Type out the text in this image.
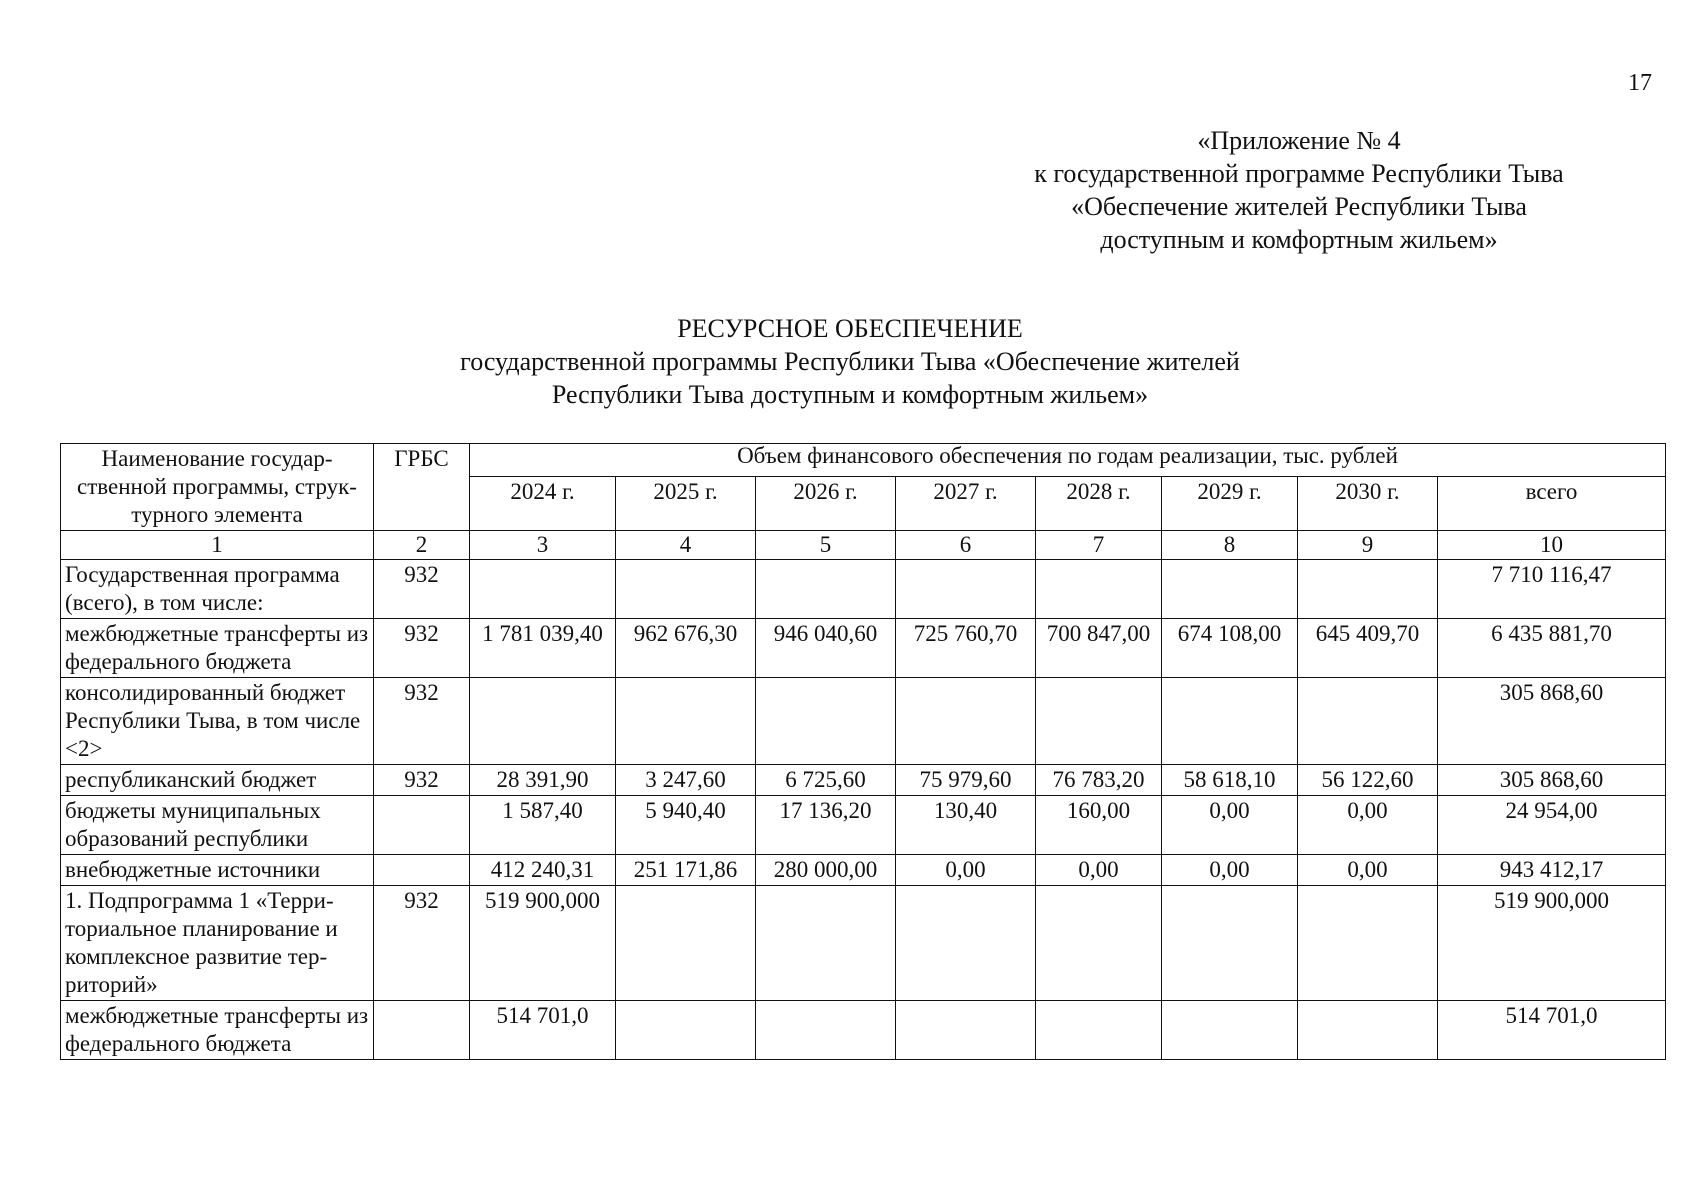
17
«Приложение № 4
к государственной программе Республики Тыва
«Обеспечение жителей Республики Тыва
доступным и комфортным жильем»
РЕСУРСНОЕ ОБЕСПЕЧЕНИЕ
государственной программы Республики Тыва «Обеспечение жителей
Республики Тыва доступным и комфортным жильем»
Наименование государ-ственной программы, струк-турного элемента	ГРБС	Объем финансового обеспечения по годам реализации, тыс. рублей							
		2024 г.	2025 г.	2026 г.	2027 г.	2028 г.	2029 г.	2030 г.	всего
1	2	3	4	5	6	7	8	9	10
Государственная программа (всего), в том числе:	932								7 710 116,47
межбюджетные трансферты из федерального бюджета	932	1 781 039,40	962 676,30	946 040,60	725 760,70	700 847,00	674 108,00	645 409,70	6 435 881,70
консолидированный бюджет Республики Тыва, в том числе <2>	932								305 868,60
республиканский бюджет	932	28 391,90	3 247,60	6 725,60	75 979,60	76 783,20	58 618,10	56 122,60	305 868,60
бюджеты муниципальных образований республики		1 587,40	5 940,40	17 136,20	130,40	160,00	0,00	0,00	24 954,00
внебюджетные источники		412 240,31	251 171,86	280 000,00	0,00	0,00	0,00	0,00	943 412,17
1. Подпрограмма 1 «Терри-ториальное планирование и комплексное развитие тер-риторий»	932	519 900,000							519 900,000
межбюджетные трансферты из федерального бюджета		514 701,0							514 701,0
